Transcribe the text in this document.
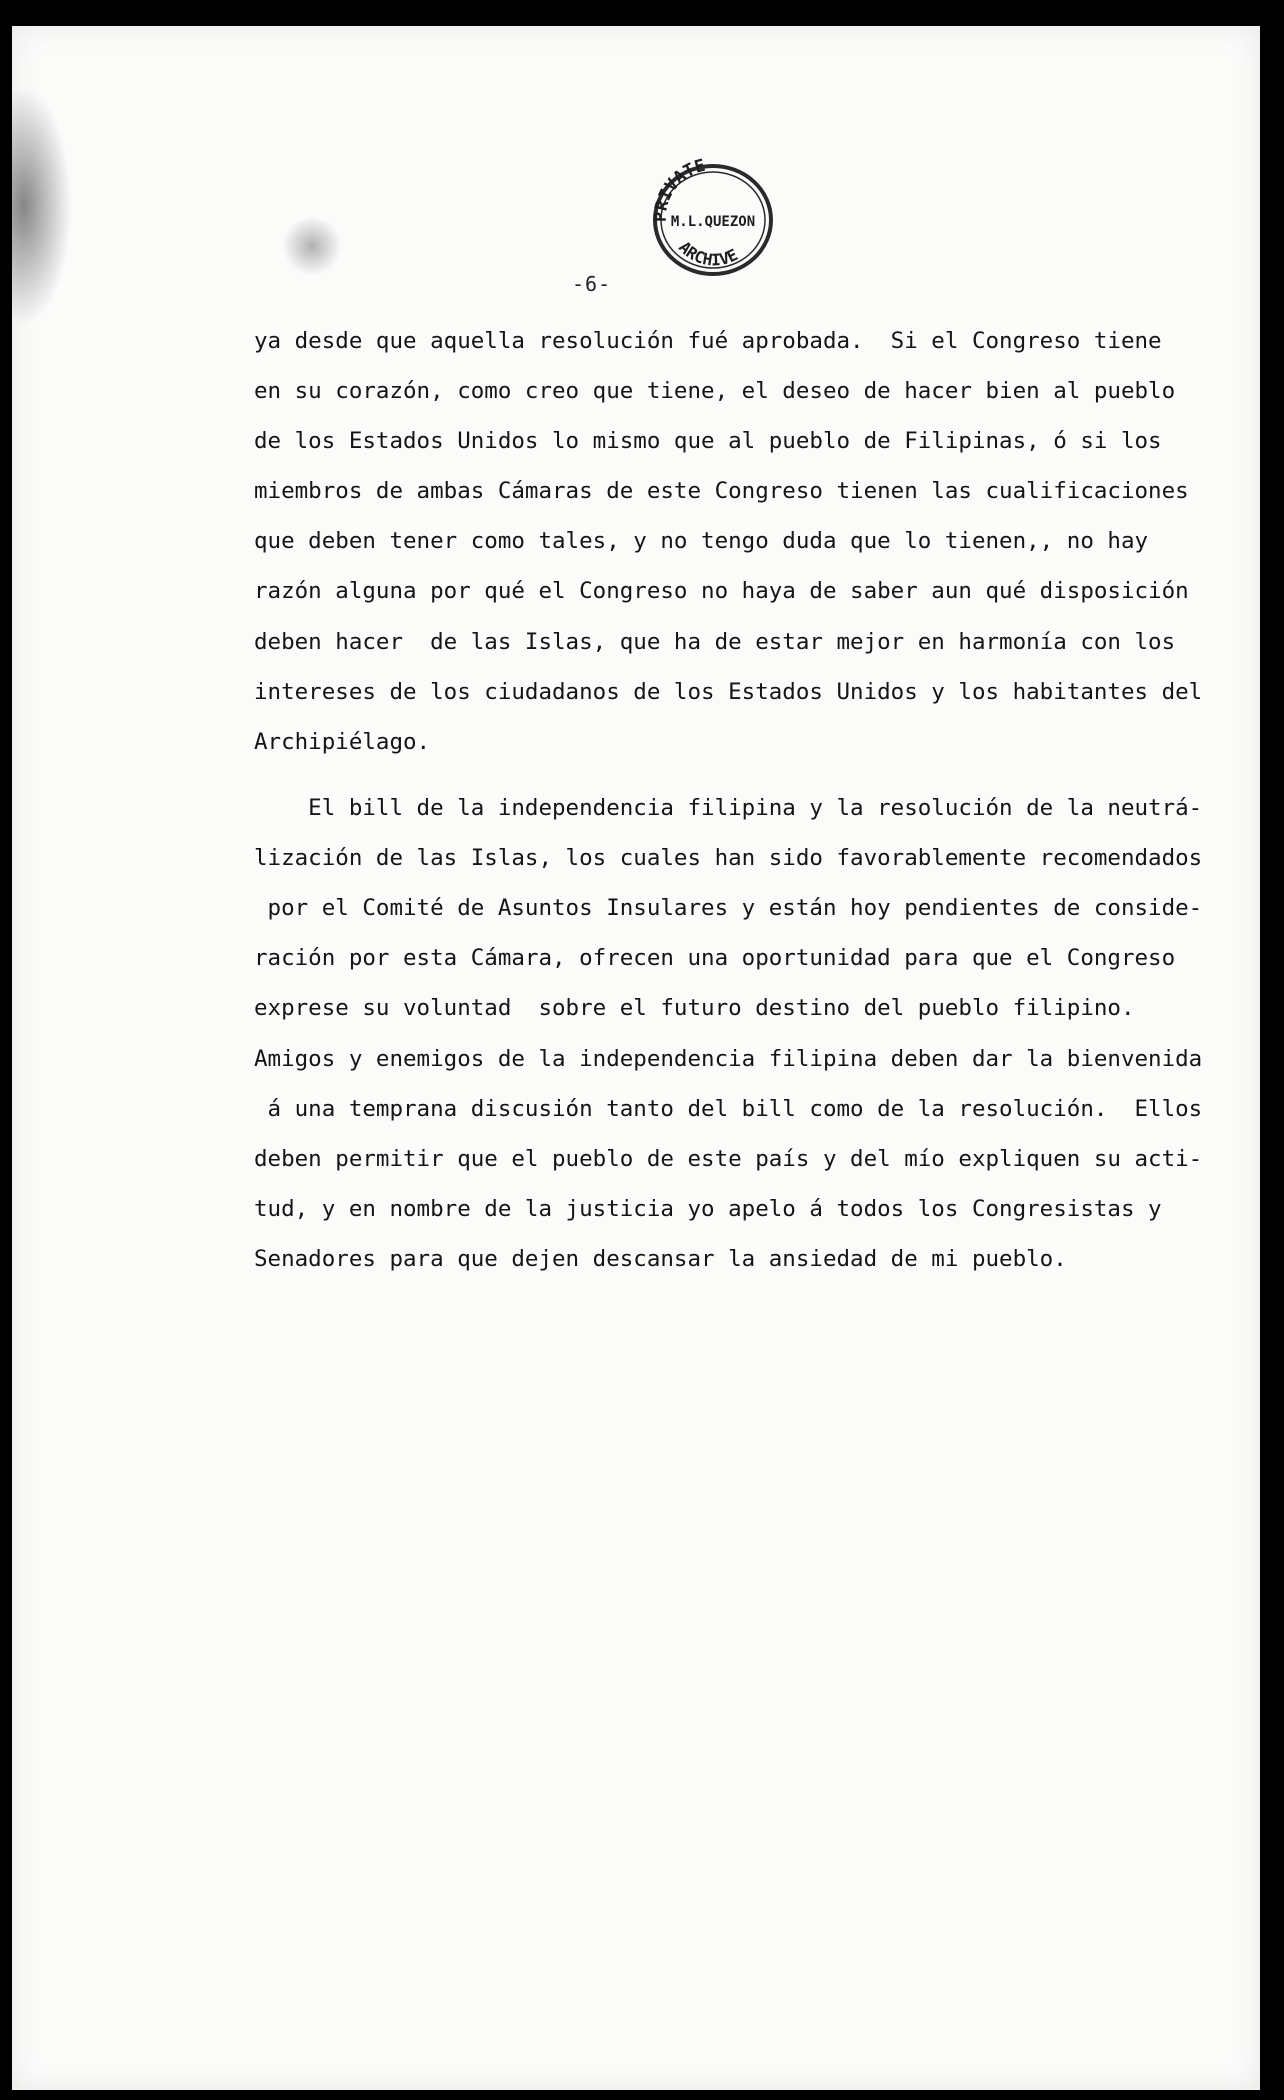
PRIVATE
M.L.QUEZON
ARCHIVE
-6-
ya desde que aquella resolución fué aprobada.  Si el Congreso tiene
en su corazón, como creo que tiene, el deseo de hacer bien al pueblo
de los Estados Unidos lo mismo que al pueblo de Filipinas, ó si los
miembros de ambas Cámaras de este Congreso tienen las cualificaciones
que deben tener como tales, y no tengo duda que lo tienen,, no hay
razón alguna por qué el Congreso no haya de saber aun qué disposición
deben hacer  de las Islas, que ha de estar mejor en harmonía con los
intereses de los ciudadanos de los Estados Unidos y los habitantes del
Archipiélago.
El bill de la independencia filipina y la resolución de la neutrá-
lización de las Islas, los cuales han sido favorablemente recomendados
por el Comité de Asuntos Insulares y están hoy pendientes de conside-
ración por esta Cámara, ofrecen una oportunidad para que el Congreso
exprese su voluntad  sobre el futuro destino del pueblo filipino.
Amigos y enemigos de la independencia filipina deben dar la bienvenida
á una temprana discusión tanto del bill como de la resolución.  Ellos
deben permitir que el pueblo de este país y del mío expliquen su acti-
tud, y en nombre de la justicia yo apelo á todos los Congresistas y
Senadores para que dejen descansar la ansiedad de mi pueblo.
